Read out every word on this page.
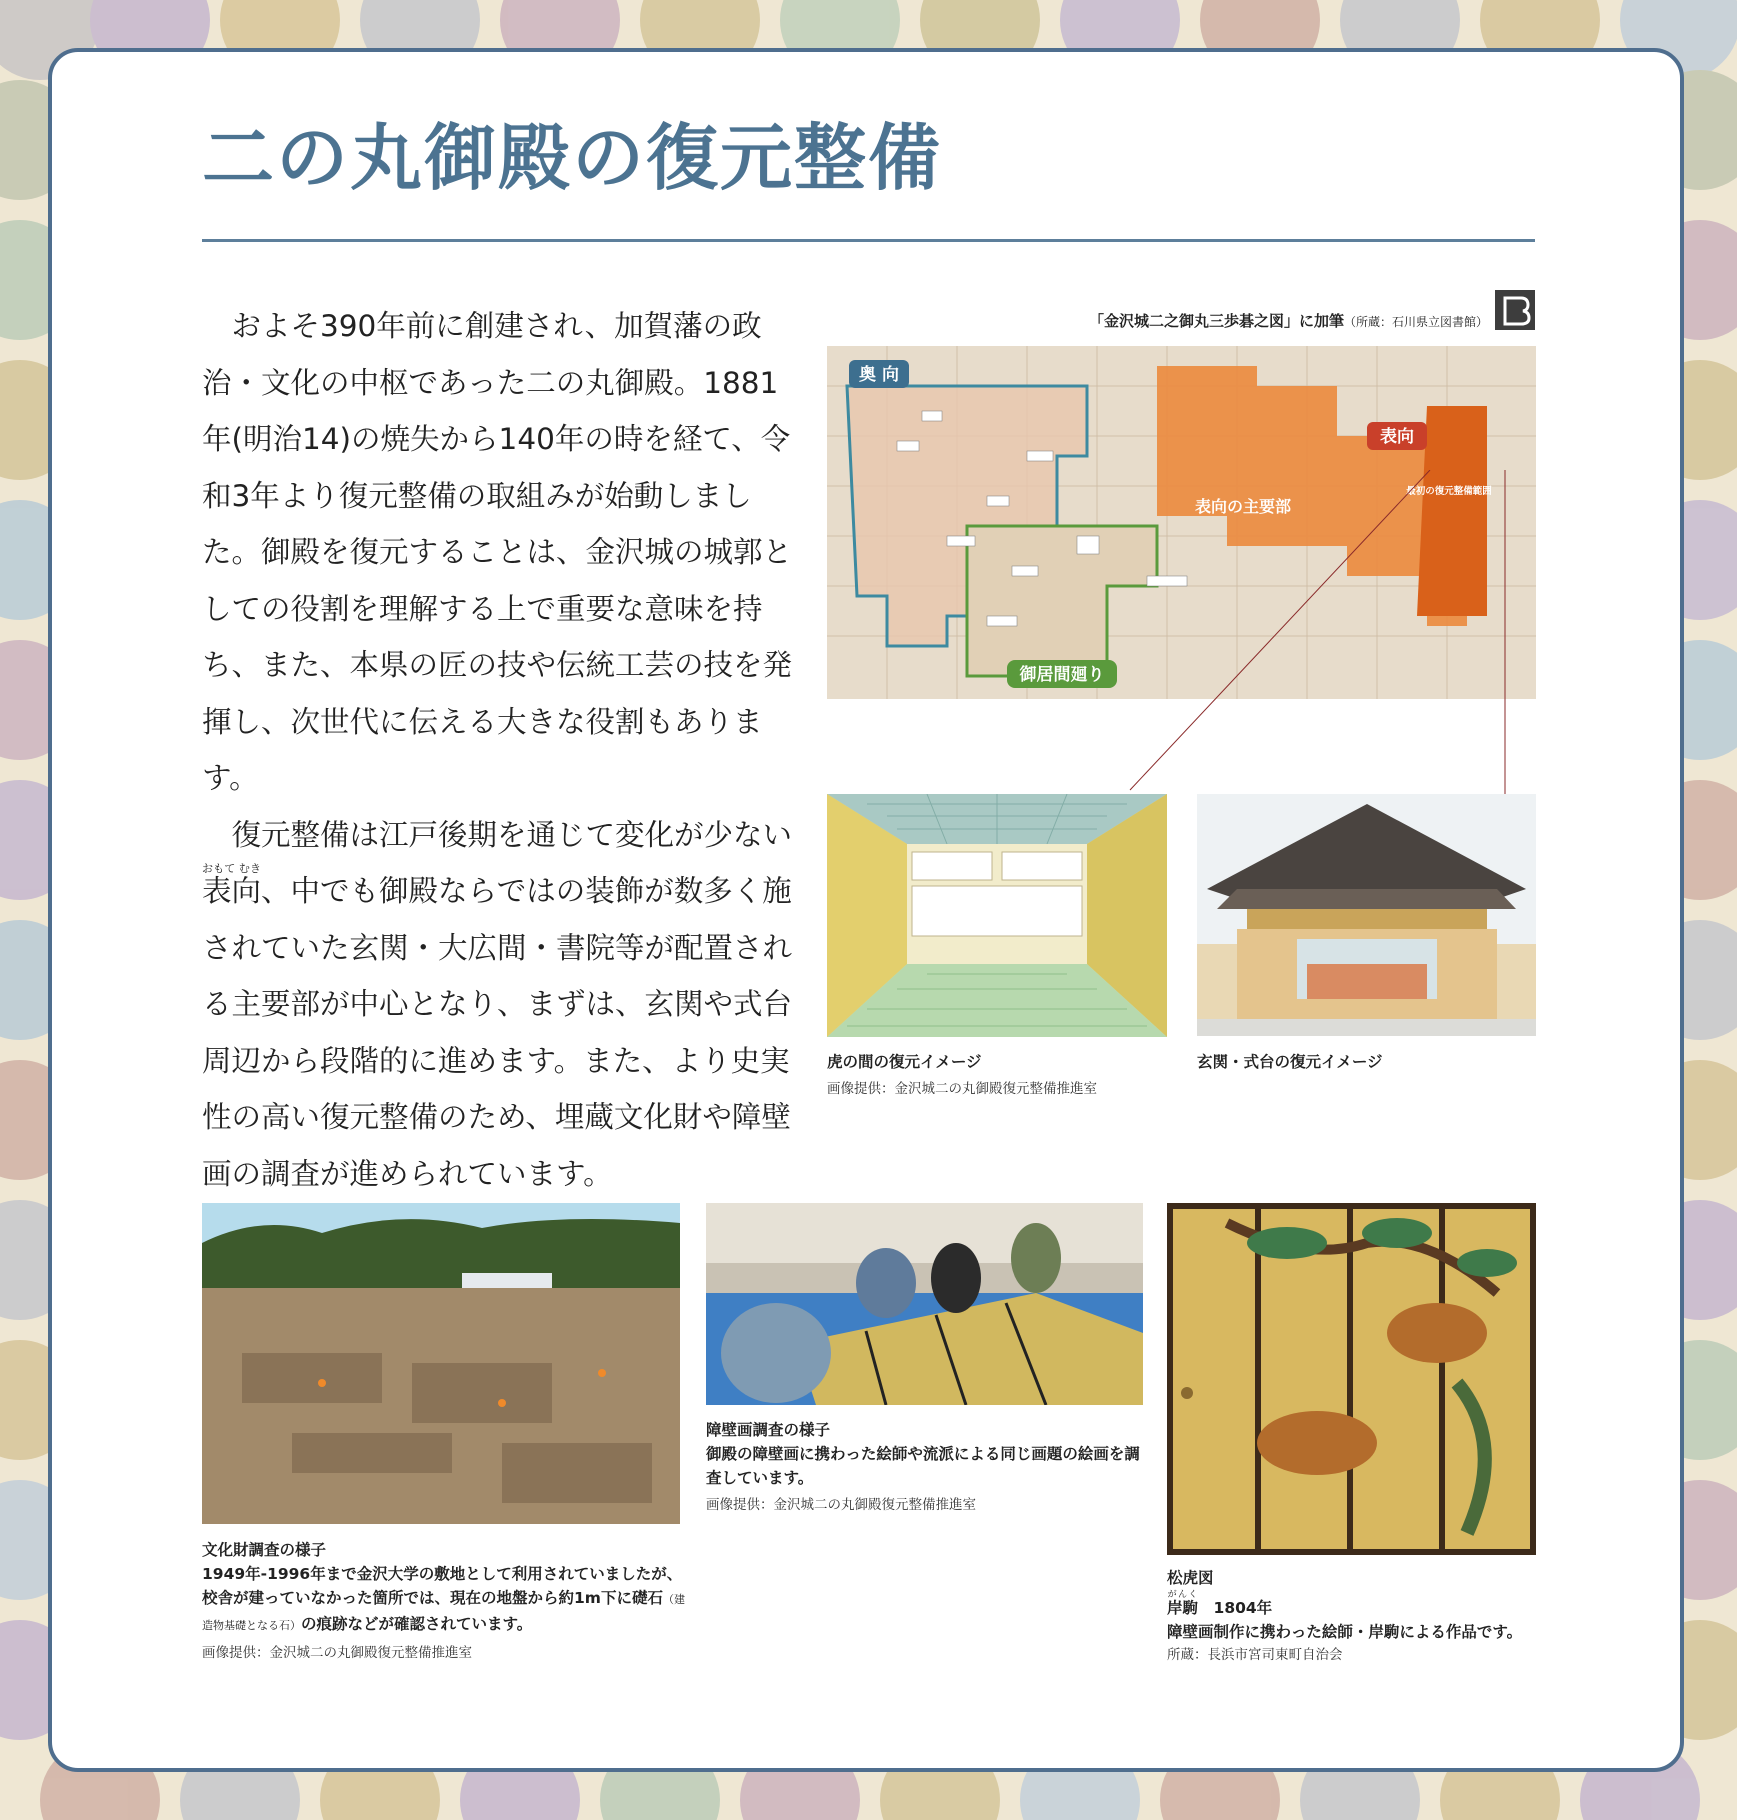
二の丸御殿の復元整備

およそ390年前に創建され、加賀藩の政治・文化の中枢であった二の丸御殿。1881年(明治14)の焼失から140年の時を経て、令和3年より復元整備の取組みが始動しました。御殿を復元することは、金沢城の城郭としての役割を理解する上で重要な意味を持ち、また、本県の匠の技や伝統工芸の技を発揮し、次世代に伝える大きな役割もあります。

復元整備は江戸後期を通じて変化が少ない表向おもて むき、中でも御殿ならではの装飾が数多く施されていた玄関・大広間・書院等が配置される主要部が中心となり、まずは、玄関や式台周辺から段階的に進めます。また、より史実性の高い復元整備のため、埋蔵文化財や障壁画の調査が進められています。

「金沢城二之御丸三歩碁之図」に加筆（所蔵：石川県立図書館）
奥 向
表向
表向の主要部
最初の復元整備範囲
御居間廻り
虎の間の復元イメージ
画像提供：金沢城二の丸御殿復元整備推進室
玄関・式台の復元イメージ
文化財調査の様子
1949年-1996年まで金沢大学の敷地として利用されていましたが、校舎が建っていなかった箇所では、現在の地盤から約1m下に礎石（建造物基礎となる石）の痕跡などが確認されています。
画像提供：金沢城二の丸御殿復元整備推進室
障壁画調査の様子
御殿の障壁画に携わった絵師や流派による同じ画題の絵画を調査しています。
画像提供：金沢城二の丸御殿復元整備推進室
松虎図
岸駒がんく　1804年
障壁画制作に携わった絵師・岸駒による作品です。
所蔵：長浜市宮司東町自治会
